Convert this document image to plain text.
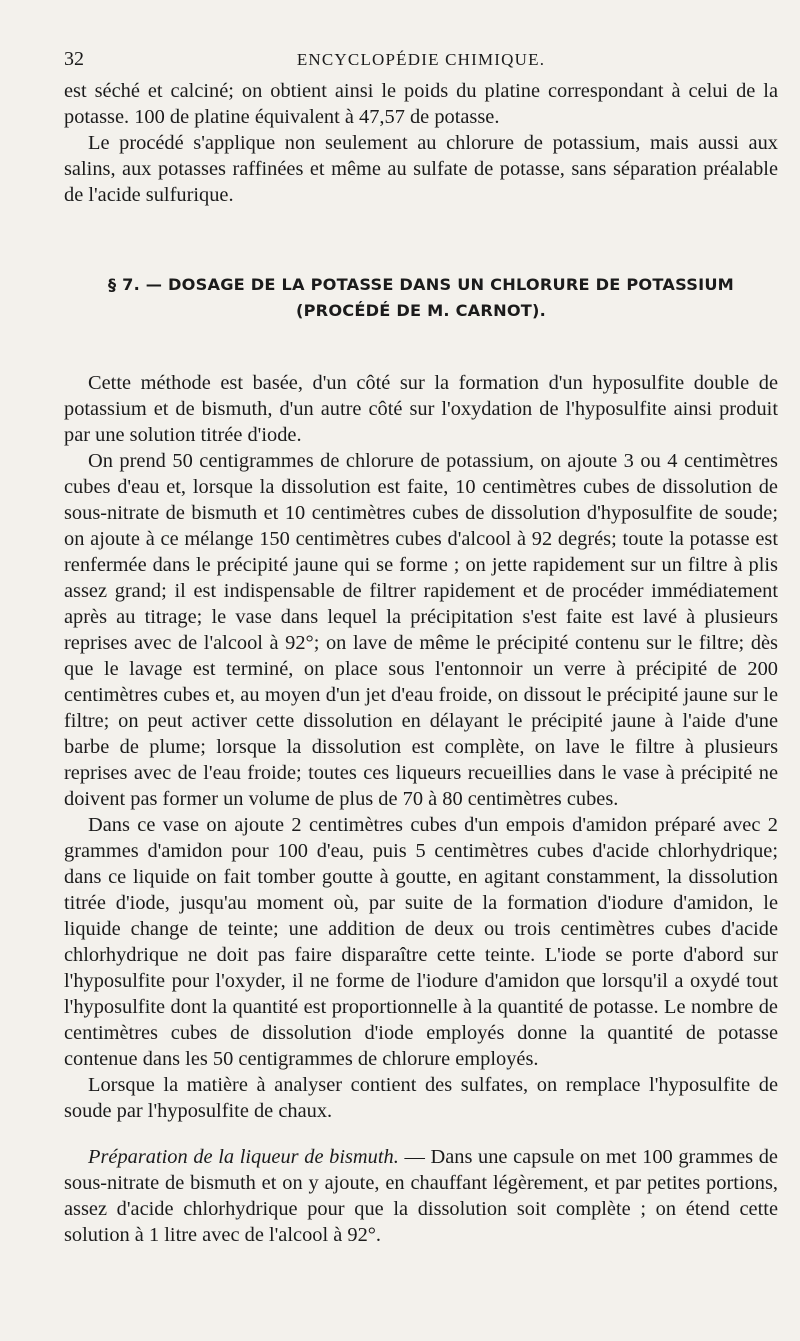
32	ENCYCLOPÉDIE CHIMIQUE.

est séché et calciné; on obtient ainsi le poids du platine correspondant à celui de la potasse. 100 de platine équivalent à 47,57 de potasse.

Le procédé s'applique non seulement au chlorure de potassium, mais aussi aux salins, aux potasses raffinées et même au sulfate de potasse, sans séparation préalable de l'acide sulfurique.

§ 7. — DOSAGE DE LA POTASSE DANS UN CHLORURE DE POTASSIUM
(PROCÉDÉ DE M. CARNOT).

Cette méthode est basée, d'un côté sur la formation d'un hyposulfite double de potassium et de bismuth, d'un autre côté sur l'oxydation de l'hyposulfite ainsi produit par une solution titrée d'iode.

On prend 50 centigrammes de chlorure de potassium, on ajoute 3 ou 4 centimètres cubes d'eau et, lorsque la dissolution est faite, 10 centimètres cubes de dissolution de sous-nitrate de bismuth et 10 centimètres cubes de dissolution d'hyposulfite de soude; on ajoute à ce mélange 150 centimètres cubes d'alcool à 92 degrés; toute la potasse est renfermée dans le précipité jaune qui se forme ; on jette rapidement sur un filtre à plis assez grand; il est indispensable de filtrer rapidement et de procéder immédiatement après au titrage; le vase dans lequel la précipitation s'est faite est lavé à plusieurs reprises avec de l'alcool à 92°; on lave de même le précipité contenu sur le filtre; dès que le lavage est terminé, on place sous l'entonnoir un verre à précipité de 200 centimètres cubes et, au moyen d'un jet d'eau froide, on dissout le précipité jaune sur le filtre; on peut activer cette dissolution en délayant le précipité jaune à l'aide d'une barbe de plume; lorsque la dissolution est complète, on lave le filtre à plusieurs reprises avec de l'eau froide; toutes ces liqueurs recueillies dans le vase à précipité ne doivent pas former un volume de plus de 70 à 80 centimètres cubes.

Dans ce vase on ajoute 2 centimètres cubes d'un empois d'amidon préparé avec 2 grammes d'amidon pour 100 d'eau, puis 5 centimètres cubes d'acide chlorhydrique; dans ce liquide on fait tomber goutte à goutte, en agitant constamment, la dissolution titrée d'iode, jusqu'au moment où, par suite de la formation d'iodure d'amidon, le liquide change de teinte; une addition de deux ou trois centimètres cubes d'acide chlorhydrique ne doit pas faire disparaître cette teinte. L'iode se porte d'abord sur l'hyposulfite pour l'oxyder, il ne forme de l'iodure d'amidon que lorsqu'il a oxydé tout l'hyposulfite dont la quantité est proportionnelle à la quantité de potasse. Le nombre de centimètres cubes de dissolution d'iode employés donne la quantité de potasse contenue dans les 50 centigrammes de chlorure employés.

Lorsque la matière à analyser contient des sulfates, on remplace l'hyposulfite de soude par l'hyposulfite de chaux.

Préparation de la liqueur de bismuth. — Dans une capsule on met 100 grammes de sous-nitrate de bismuth et on y ajoute, en chauffant légèrement, et par petites portions, assez d'acide chlorhydrique pour que la dissolution soit complète ; on étend cette solution à 1 litre avec de l'alcool à 92°.
